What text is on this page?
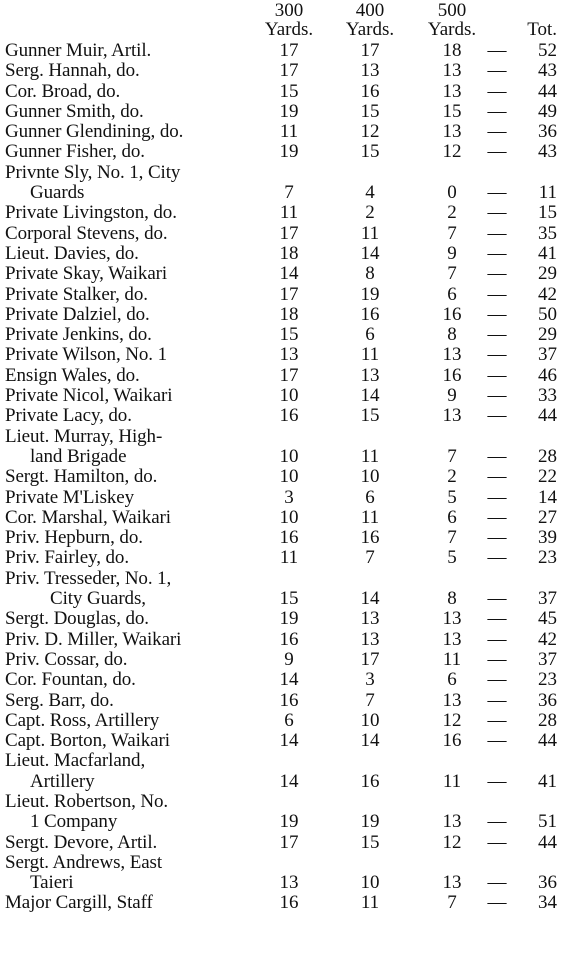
300	400	500
Yards.	Yards.	Yards.	Tot.
Gunner Muir, Artil.	17	17	18	— 52
Serg. Hannah, do.	17	13	13	— 43
Cor. Broad, do.	15	16	13	— 44
Gunner Smith, do.	19	15	15	— 49
Gunner Glendining, do.	11	12	13	— 36
Gunner Fisher, do.	19	15	12	— 43
Privnte Sly, No. 1, City
Guards	7	4	0	— 11
Private Livingston, do.	11	2	2	— 15
Corporal Stevens, do.	17	11	7	— 35
Lieut. Davies, do.	18	14	9	— 41
Private Skay, Waikari	14	8	7	— 29
Private Stalker, do.	17	19	6	— 42
Private Dalziel, do.	18	16	16	— 50
Private Jenkins, do.	15	6	8	— 29
Private Wilson, No. 1	13	11	13	— 37
Ensign Wales, do.	17	13	16	— 46
Private Nicol, Waikari	10	14	9	— 33
Private Lacy, do.	16	15	13	— 44
Lieut. Murray, High-
land Brigade	10	11	7	— 28
Sergt. Hamilton, do.	10	10	2	— 22
Private M'Liskey	3	6	5	— 14
Cor. Marshal, Waikari	10	11	6	— 27
Priv. Hepburn, do.	16	16	7	— 39
Priv. Fairley, do.	11	7	5	— 23
Priv. Tresseder, No. 1,
City Guards,	15	14	8	— 37
Sergt. Douglas, do.	19	13	13	— 45
Priv. D. Miller, Waikari	16	13	13	— 42
Priv. Cossar, do.	9	17	11	— 37
Cor. Fountan, do.	14	3	6	— 23
Serg. Barr, do.	16	7	13	— 36
Capt. Ross, Artillery	6	10	12	— 28
Capt. Borton, Waikari	14	14	16	— 44
Lieut. Macfarland,
Artillery	14	16	11	— 41
Lieut. Robertson, No.
1 Company	19	19	13	— 51
Sergt. Devore, Artil.	17	15	12	— 44
Sergt. Andrews, East
Taieri	13	10	13	— 36
Major Cargill, Staff	16	11	7	— 34
